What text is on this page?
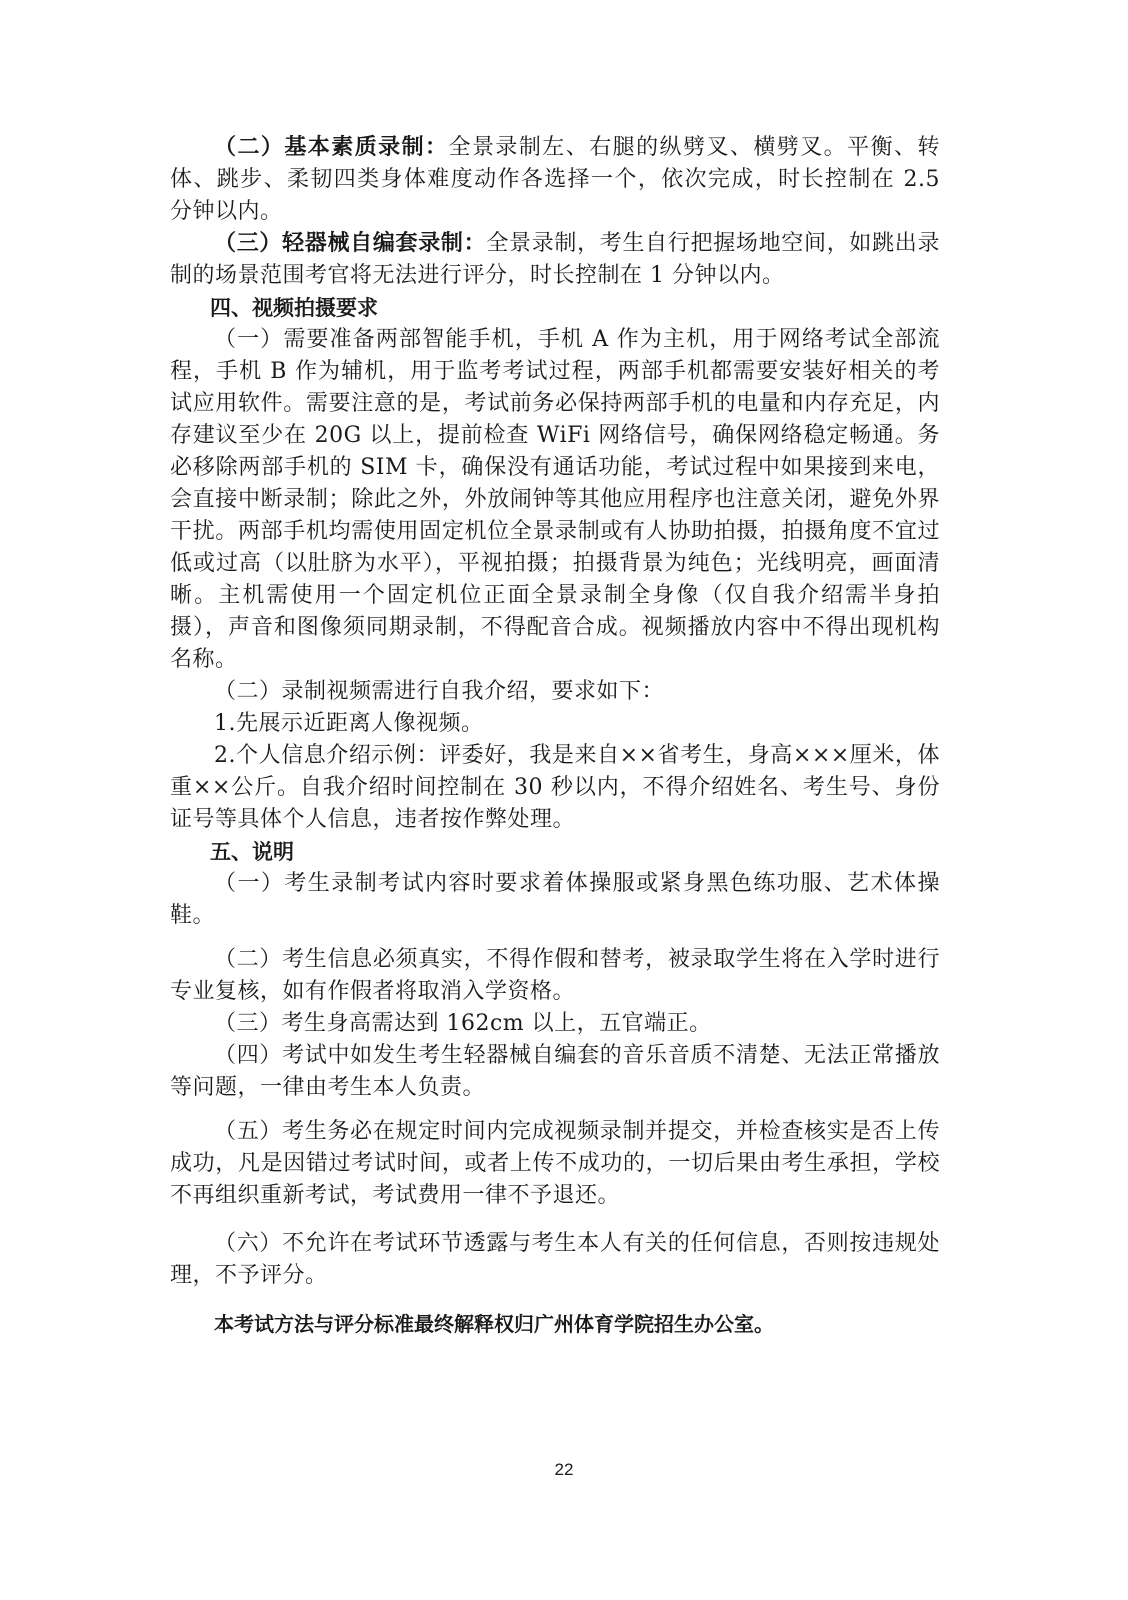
（二）基本素质录制：全景录制左、右腿的纵劈叉、横劈叉。平衡、转体、跳步、柔韧四类身体难度动作各选择一个，依次完成，时长控制在 2.5 分钟以内。

（三）轻器械自编套录制：全景录制，考生自行把握场地空间，如跳出录制的场景范围考官将无法进行评分，时长控制在 1 分钟以内。

四、视频拍摄要求

（一）需要准备两部智能手机，手机 A 作为主机，用于网络考试全部流程，手机 B 作为辅机，用于监考考试过程，两部手机都需要安装好相关的考试应用软件。需要注意的是，考试前务必保持两部手机的电量和内存充足，内存建议至少在 20G 以上，提前检查 WiFi 网络信号，确保网络稳定畅通。务必移除两部手机的 SIM 卡，确保没有通话功能，考试过程中如果接到来电，会直接中断录制；除此之外，外放闹钟等其他应用程序也注意关闭，避免外界干扰。两部手机均需使用固定机位全景录制或有人协助拍摄，拍摄角度不宜过低或过高（以肚脐为水平），平视拍摄；拍摄背景为纯色；光线明亮，画面清晰。主机需使用一个固定机位正面全景录制全身像（仅自我介绍需半身拍摄），声音和图像须同期录制，不得配音合成。视频播放内容中不得出现机构名称。

（二）录制视频需进行自我介绍，要求如下：

1.先展示近距离人像视频。

2.个人信息介绍示例：评委好，我是来自××省考生，身高×××厘米，体重××公斤。自我介绍时间控制在 30 秒以内，不得介绍姓名、考生号、身份证号等具体个人信息，违者按作弊处理。

五、说明

（一）考生录制考试内容时要求着体操服或紧身黑色练功服、艺术体操鞋。

（二）考生信息必须真实，不得作假和替考，被录取学生将在入学时进行专业复核，如有作假者将取消入学资格。

（三）考生身高需达到 162cm 以上，五官端正。

（四）考试中如发生考生轻器械自编套的音乐音质不清楚、无法正常播放等问题，一律由考生本人负责。

（五）考生务必在规定时间内完成视频录制并提交，并检查核实是否上传成功，凡是因错过考试时间，或者上传不成功的，一切后果由考生承担，学校不再组织重新考试，考试费用一律不予退还。

（六）不允许在考试环节透露与考生本人有关的任何信息，否则按违规处理，不予评分。

本考试方法与评分标准最终解释权归广州体育学院招生办公室。

22
